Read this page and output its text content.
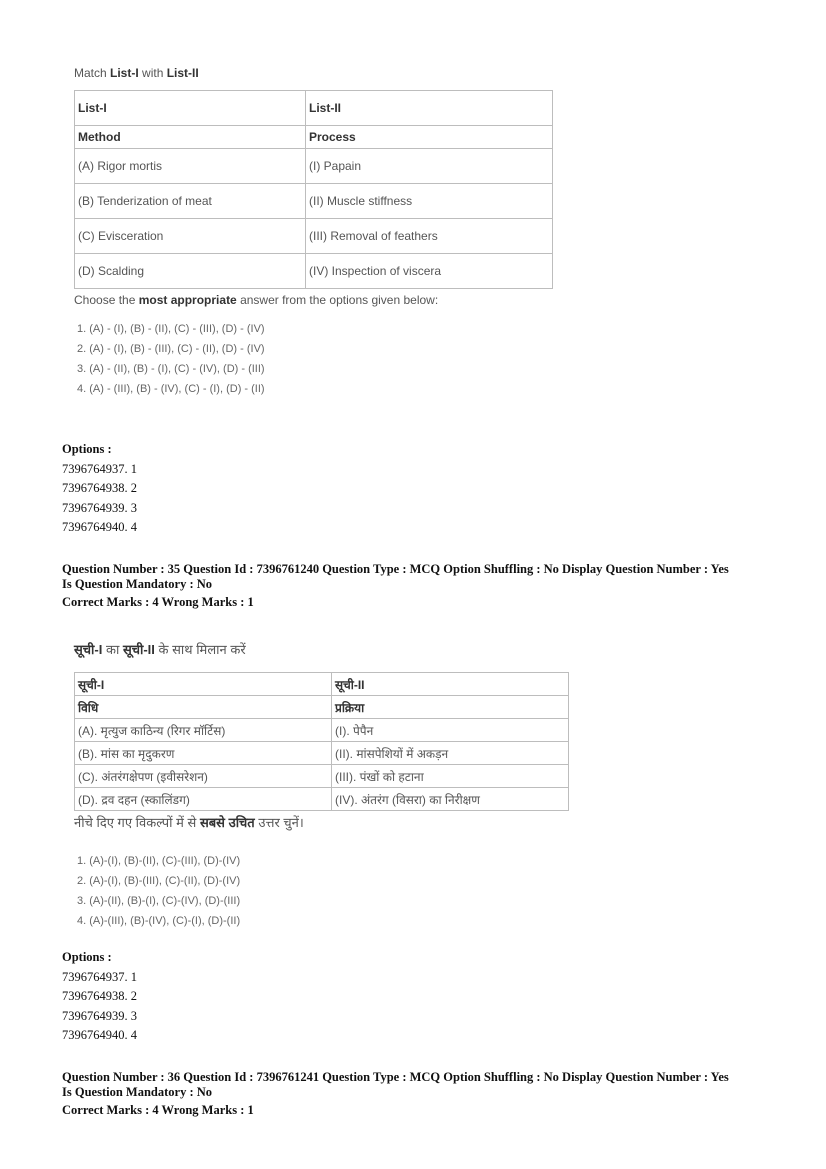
Match List-I with List-II

List-I	List-II
Method	Process
(A) Rigor mortis	(I) Papain
(B) Tenderization of meat	(II) Muscle stiffness
(C) Evisceration	(III) Removal of feathers
(D) Scalding	(IV) Inspection of viscera

Choose the most appropriate answer from the options given below:

1. (A) - (I), (B) - (II), (C) - (III), (D) - (IV)
2. (A) - (I), (B) - (III), (C) - (II), (D) - (IV)
3. (A) - (II), (B) - (I), (C) - (IV), (D) - (III)
4. (A) - (III), (B) - (IV), (C) - (I), (D) - (II)
Options :
7396764937. 1
7396764938. 2
7396764939. 3
7396764940. 4
Question Number : 35 Question Id : 7396761240 Question Type : MCQ Option Shuffling : No Display Question Number : Yes
Is Question Mandatory : No
Correct Marks : 4 Wrong Marks : 1

सूची-I का सूची-II के साथ मिलान करें

सूची-I	सूची-II
विधि	प्रक्रिया
(A). मृत्युज काठिन्य (रिगर मॉर्टिस)	(I). पेपैन
(B). मांस का मृदुकरण	(II). मांसपेशियों में अकड़न
(C). अंतरंगक्षेपण (इवीसरेशन)	(III). पंखों को हटाना
(D). द्रव दहन (स्कालिंडग)	(IV). अंतरंग (विसरा) का निरीक्षण

नीचे दिए गए विकल्पों में से सबसे उचित उत्तर चुनें।

1. (A)-(I), (B)-(II), (C)-(III), (D)-(IV)
2. (A)-(I), (B)-(III), (C)-(II), (D)-(IV)
3. (A)-(II), (B)-(I), (C)-(IV), (D)-(III)
4. (A)-(III), (B)-(IV), (C)-(I), (D)-(II)
Options :
7396764937. 1
7396764938. 2
7396764939. 3
7396764940. 4
Question Number : 36 Question Id : 7396761241 Question Type : MCQ Option Shuffling : No Display Question Number : Yes
Is Question Mandatory : No
Correct Marks : 4 Wrong Marks : 1
